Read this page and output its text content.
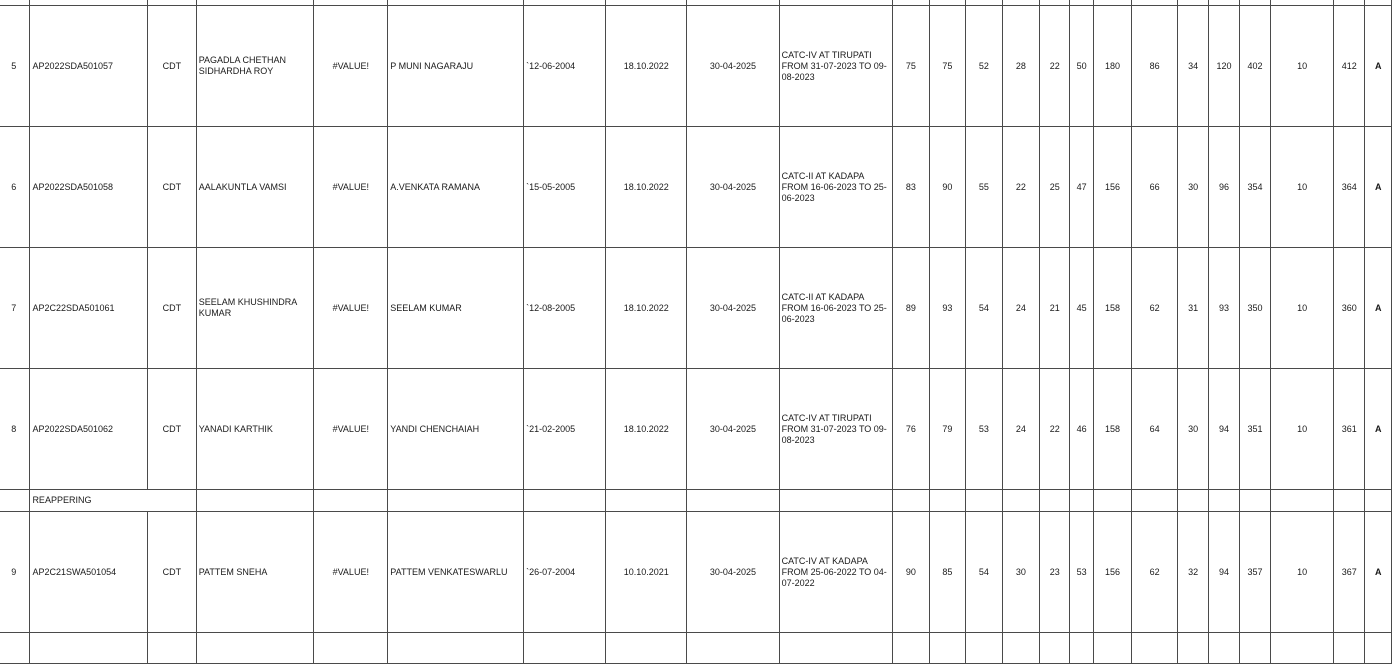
5	AP2022SDA501057	CDT	PAGADLA CHETHAN SIDHARDHA ROY	#VALUE!	P MUNI NAGARAJU	`12-06-2004	18.10.2022	30-04-2025	CATC-IV AT TIRUPATI FROM 31-07-2023 TO 09-08-2023	75	75	52	28	22	50	180	86	34	120	402	10	412	A
6	AP2022SDA501058	CDT	AALAKUNTLA VAMSI	#VALUE!	A.VENKATA RAMANA	`15-05-2005	18.10.2022	30-04-2025	CATC-II AT KADAPA FROM 16-06-2023 TO 25-06-2023	83	90	55	22	25	47	156	66	30	96	354	10	364	A
7	AP2C22SDA501061	CDT	SEELAM KHUSHINDRA KUMAR	#VALUE!	SEELAM KUMAR	`12-08-2005	18.10.2022	30-04-2025	CATC-II AT KADAPA FROM 16-06-2023 TO 25-06-2023	89	93	54	24	21	45	158	62	31	93	350	10	360	A
8	AP2022SDA501062	CDT	YANADI KARTHIK	#VALUE!	YANDI CHENCHAIAH	`21-02-2005	18.10.2022	30-04-2025	CATC-IV AT TIRUPATI FROM 31-07-2023 TO 09-08-2023	76	79	53	24	22	46	158	64	30	94	351	10	361	A
	REAPPERING																						
9	AP2C21SWA501054	CDT	PATTEM SNEHA	#VALUE!	PATTEM VENKATESWARLU	`26-07-2004	10.10.2021	30-04-2025	CATC-IV AT KADAPA FROM 25-06-2022 TO 04-07-2022	90	85	54	30	23	53	156	62	32	94	357	10	367	A
